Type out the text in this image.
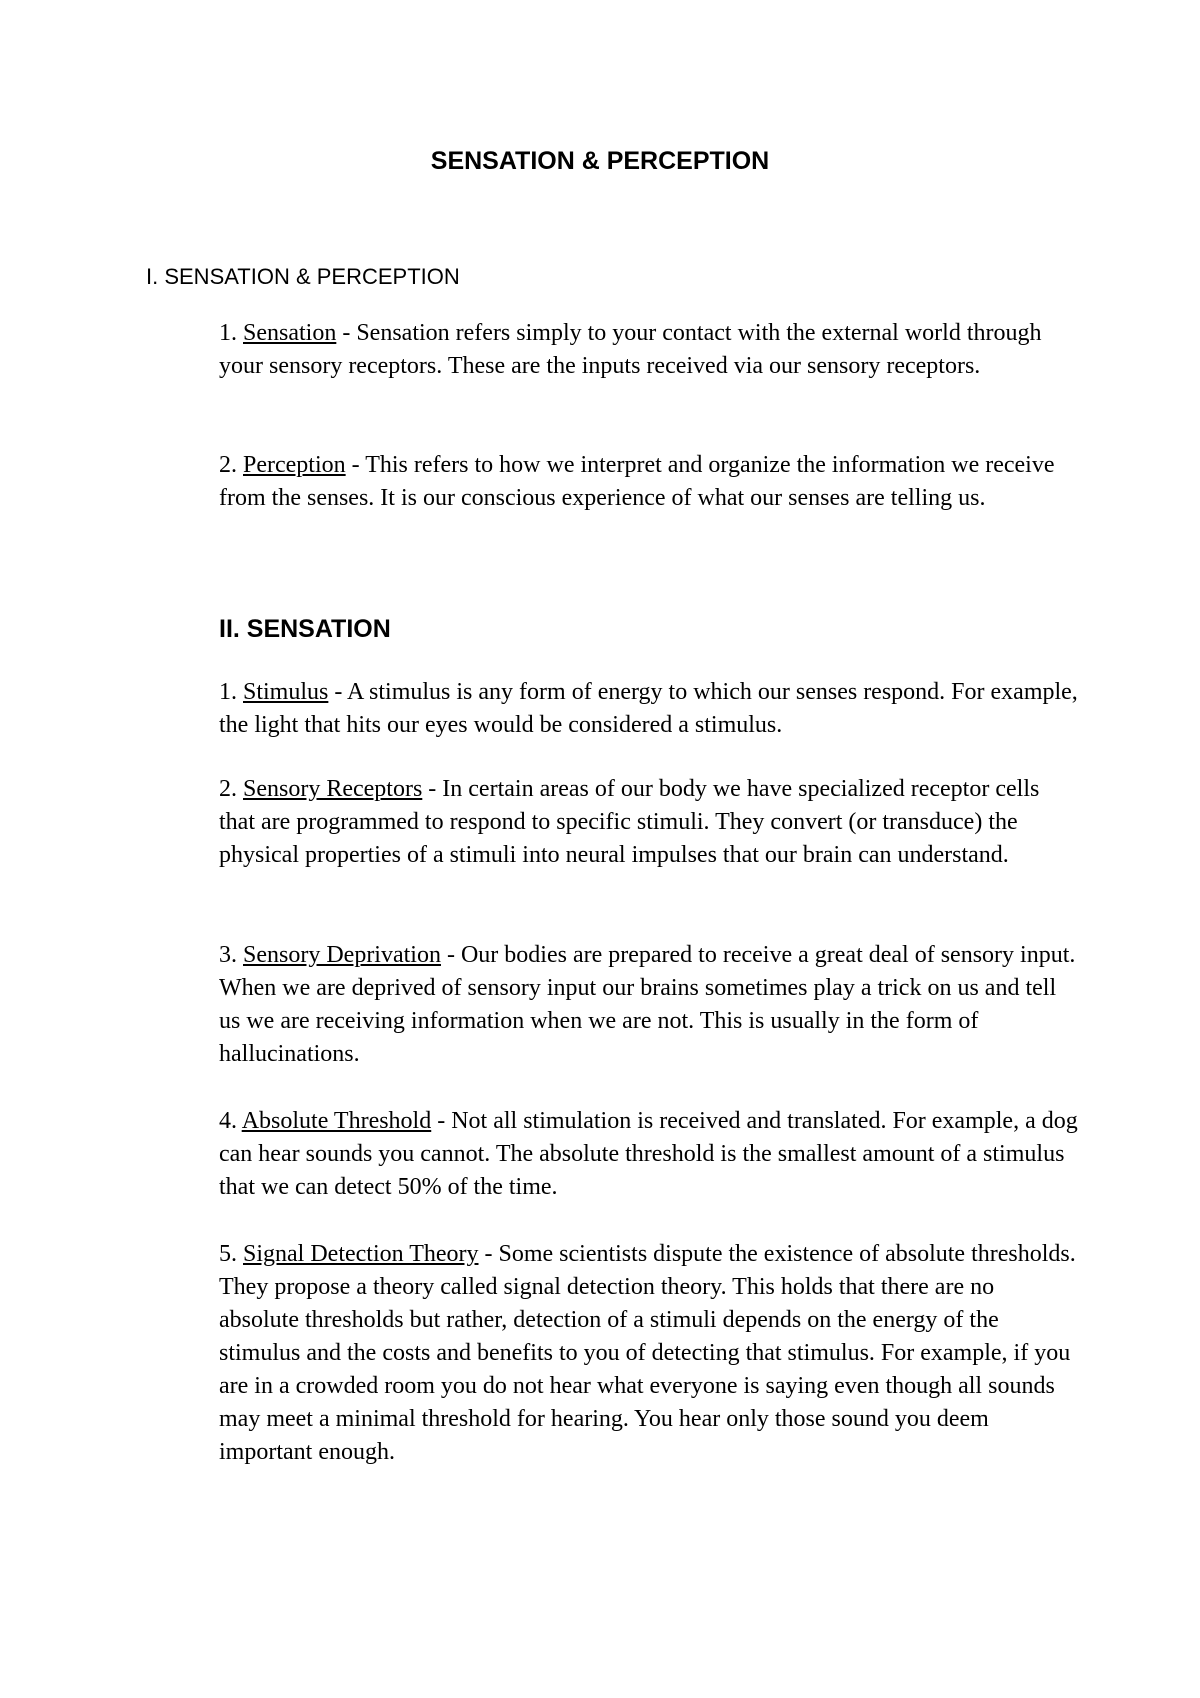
SENSATION & PERCEPTION
I. SENSATION & PERCEPTION

1. Sensation - Sensation refers simply to your contact with the external world through your sensory receptors. These are the inputs received via our sensory receptors.

2. Perception - This refers to how we interpret and organize the information we receive from the senses. It is our conscious experience of what our senses are telling us.

II. SENSATION

1. Stimulus - A stimulus is any form of energy to which our senses respond. For example, the light that hits our eyes would be considered a stimulus.

2. Sensory Receptors - In certain areas of our body we have specialized receptor cells that are programmed to respond to specific stimuli. They convert (or transduce) the physical properties of a stimuli into neural impulses that our brain can understand.

3. Sensory Deprivation - Our bodies are prepared to receive a great deal of sensory input. When we are deprived of sensory input our brains sometimes play a trick on us and tell us we are receiving information when we are not. This is usually in the form of hallucinations.

4. Absolute Threshold - Not all stimulation is received and translated. For example, a dog can hear sounds you cannot. The absolute threshold is the smallest amount of a stimulus that we can detect 50% of the time.

5. Signal Detection Theory - Some scientists dispute the existence of absolute thresholds. They propose a theory called signal detection theory. This holds that there are no absolute thresholds but rather, detection of a stimuli depends on the energy of the stimulus and the costs and benefits to you of detecting that stimulus. For example, if you are in a crowded room you do not hear what everyone is saying even though all sounds may meet a minimal threshold for hearing. You hear only those sound you deem important enough.
